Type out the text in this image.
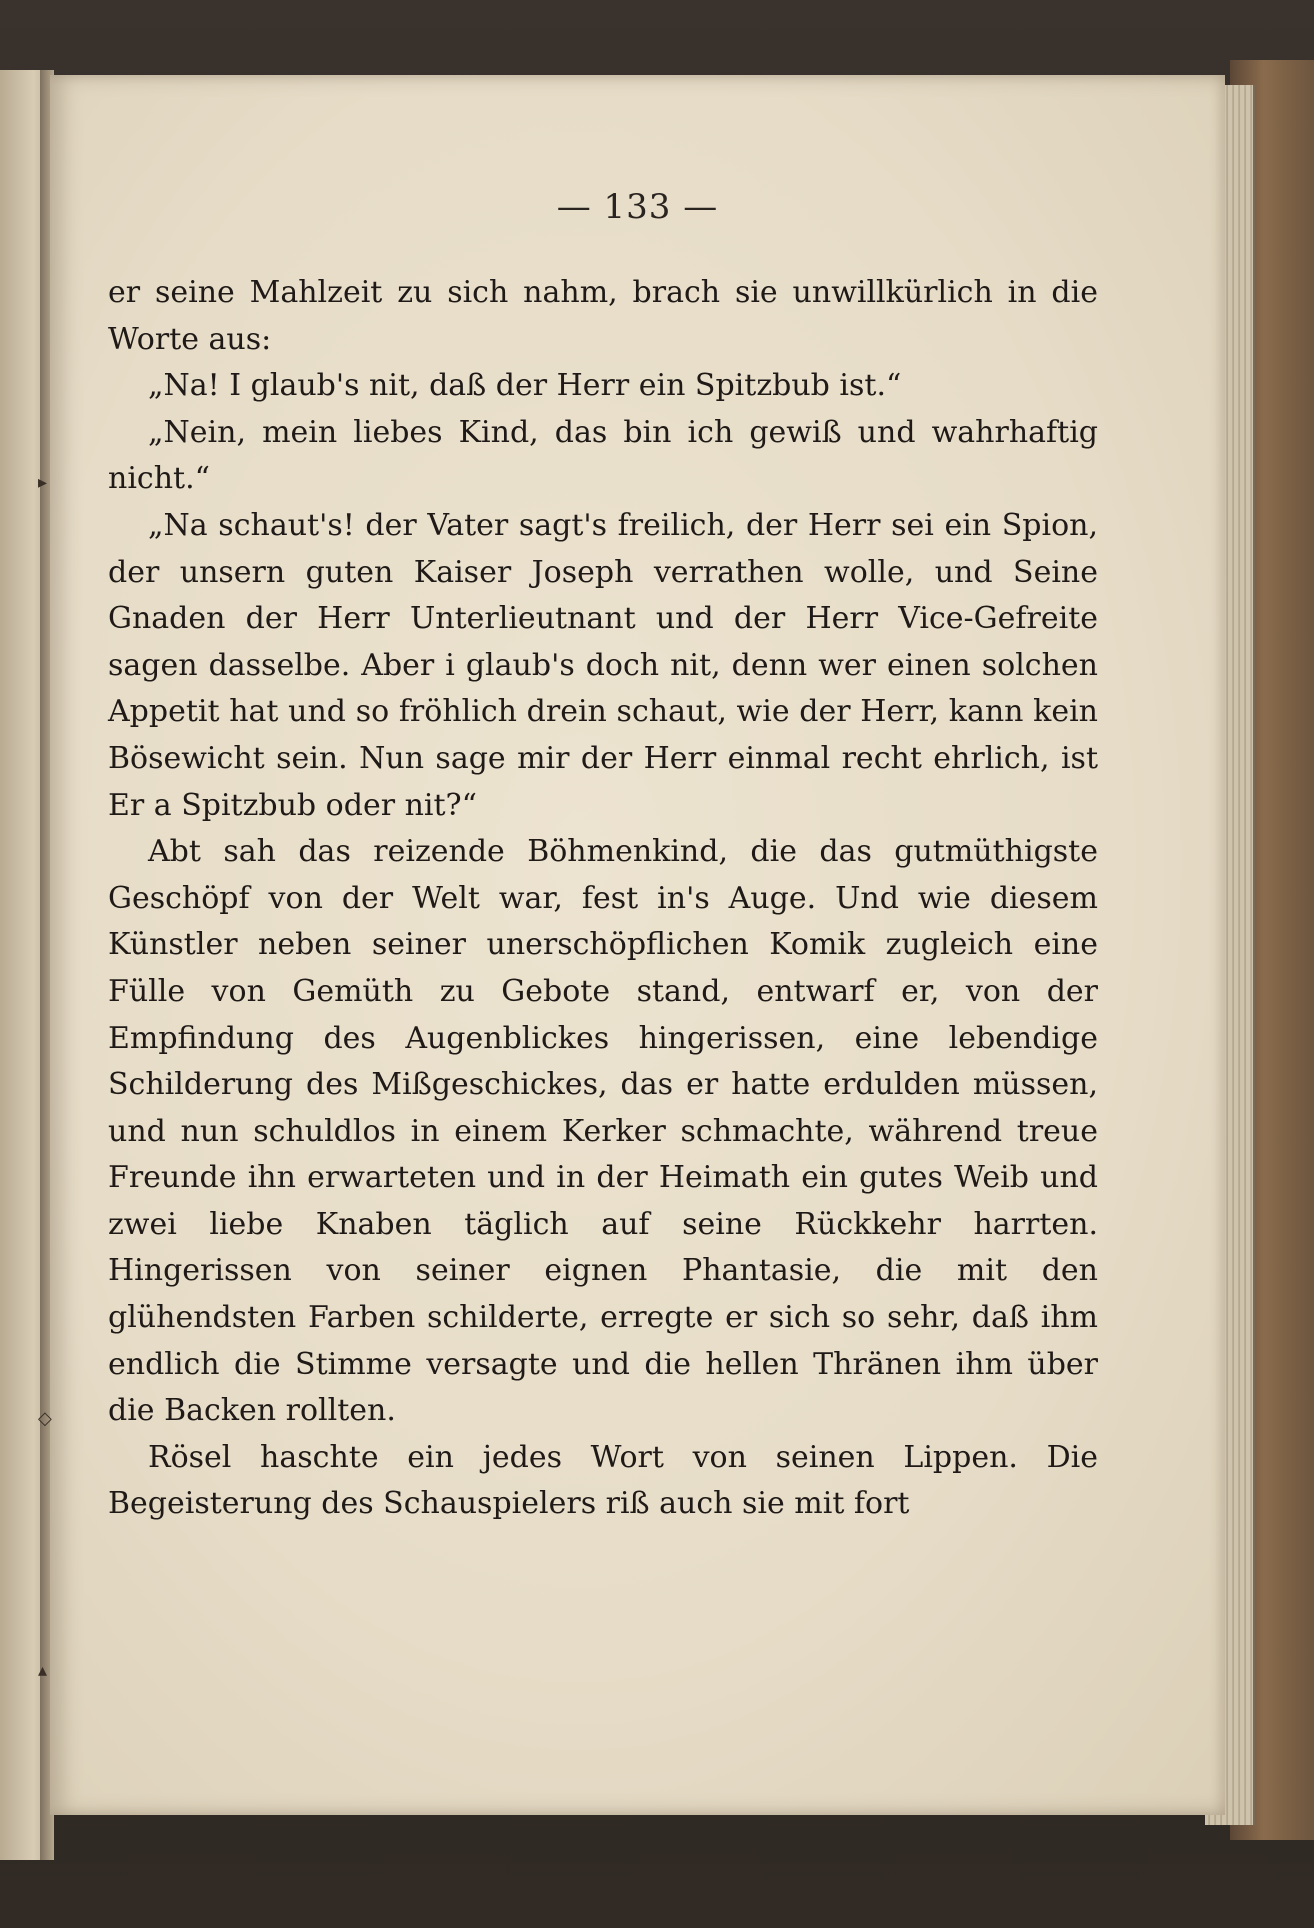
— 133 —

er seine Mahlzeit zu sich nahm, brach sie unwillkürlich in die Worte aus:

„Na! I glaub's nit, daß der Herr ein Spitzbub ist.“

„Nein, mein liebes Kind, das bin ich gewiß und wahrhaftig nicht.“

„Na schaut's! der Vater sagt's freilich, der Herr sei ein Spion, der unsern guten Kaiser Joseph verrathen wolle, und Seine Gnaden der Herr Unterlieutnant und der Herr Vice-Gefreite sagen dasselbe. Aber i glaub's doch nit, denn wer einen solchen Appetit hat und so fröhlich drein schaut, wie der Herr, kann kein Bösewicht sein. Nun sage mir der Herr einmal recht ehrlich, ist Er a Spitzbub oder nit?“

Abt sah das reizende Böhmenkind, die das gutmüthigste Geschöpf von der Welt war, fest in's Auge. Und wie diesem Künstler neben seiner unerschöpflichen Komik zugleich eine Fülle von Gemüth zu Gebote stand, entwarf er, von der Empfindung des Augenblickes hingerissen, eine lebendige Schilderung des Mißgeschickes, das er hatte erdulden müssen, und nun schuldlos in einem Kerker schmachte, während treue Freunde ihn erwarteten und in der Heimath ein gutes Weib und zwei liebe Knaben täglich auf seine Rückkehr harrten. Hingerissen von seiner eignen Phantasie, die mit den glühendsten Farben schilderte, erregte er sich so sehr, daß ihm endlich die Stimme versagte und die hellen Thränen ihm über die Backen rollten.

Rösel haschte ein jedes Wort von seinen Lippen. Die Begeisterung des Schauspielers riß auch sie mit fort

▸
◇
▴
